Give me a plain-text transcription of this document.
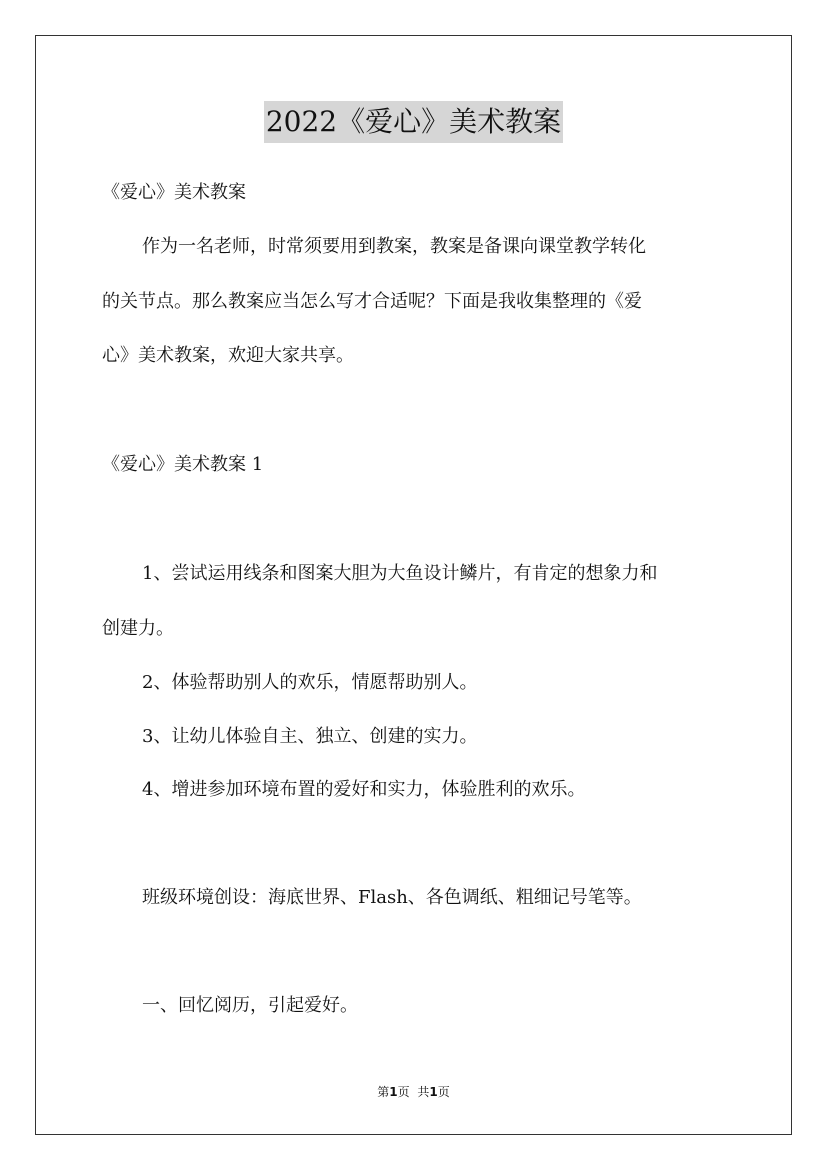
2022《爱心》美术教案

《爱心》美术教案

作为一名老师，时常须要用到教案，教案是备课向课堂教学转化

的关节点。那么教案应当怎么写才合适呢？下面是我收集整理的《爱

心》美术教案，欢迎大家共享。

《爱心》美术教案 1

1、尝试运用线条和图案大胆为大鱼设计鳞片，有肯定的想象力和

创建力。

2、体验帮助别人的欢乐，情愿帮助别人。

3、让幼儿体验自主、独立、创建的实力。

4、增进参加环境布置的爱好和实力，体验胜利的欢乐。

班级环境创设：海底世界、Flash、各色调纸、粗细记号笔等。

一、回忆阅历，引起爱好。

第1页 共1页
